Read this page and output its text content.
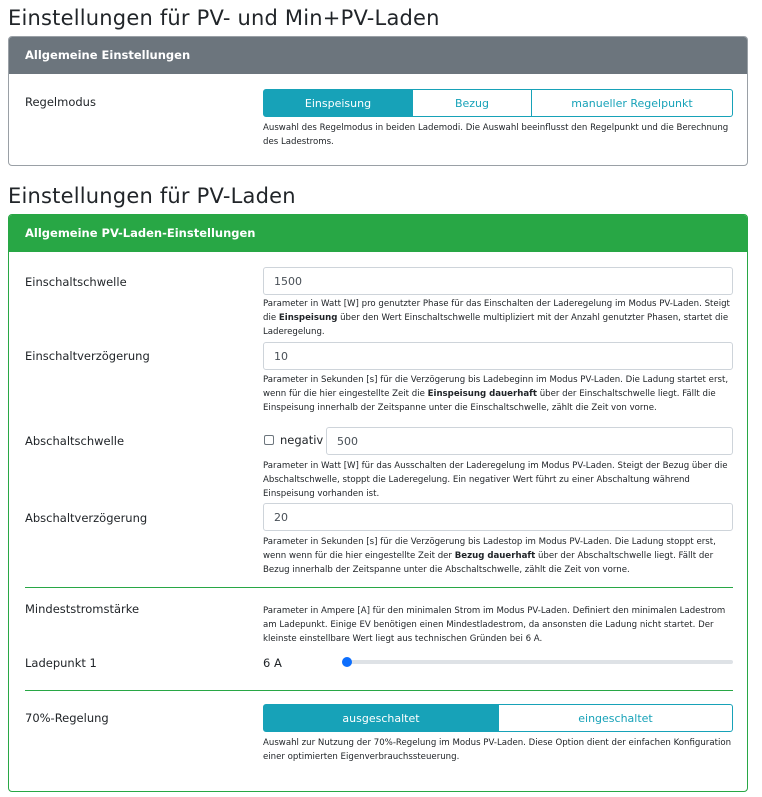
Einstellungen für PV- und Min+PV-Laden
Allgemeine Einstellungen
Regelmodus	Einspeisung	Bezug	manueller Regelpunkt
Auswahl des Regelmodus in beiden Lademodi. Die Auswahl beeinflusst den Regelpunkt und die Berechnung des Ladestroms.
Einstellungen für PV-Laden
Allgemeine PV-Laden-Einstellungen
Einschaltschwelle	1500
Parameter in Watt [W] pro genutzter Phase für das Einschalten der Laderegelung im Modus PV-Laden. Steigt die Einspeisung über den Wert Einschaltschwelle multipliziert mit der Anzahl genutzter Phasen, startet die Laderegelung.
Einschaltverzögerung	10
Parameter in Sekunden [s] für die Verzögerung bis Ladebeginn im Modus PV-Laden. Die Ladung startet erst, wenn für die hier eingestellte Zeit die Einspeisung dauerhaft über der Einschaltschwelle liegt. Fällt die Einspeisung innerhalb der Zeitspanne unter die Einschaltschwelle, zählt die Zeit von vorne.
Abschaltschwelle	negativ	500
Parameter in Watt [W] für das Ausschalten der Laderegelung im Modus PV-Laden. Steigt der Bezug über die Abschaltschwelle, stoppt die Laderegelung. Ein negativer Wert führt zu einer Abschaltung während Einspeisung vorhanden ist.
Abschaltverzögerung	20
Parameter in Sekunden [s] für die Verzögerung bis Ladestop im Modus PV-Laden. Die Ladung stoppt erst, wenn wenn für die hier eingestellte Zeit der Bezug dauerhaft über der Abschaltschwelle liegt. Fällt der Bezug innerhalb der Zeitspanne unter die Abschaltschwelle, zählt die Zeit von vorne.
Mindeststromstärke	Parameter in Ampere [A] für den minimalen Strom im Modus PV-Laden. Definiert den minimalen Ladestrom am Ladepunkt. Einige EV benötigen einen Mindestladestrom, da ansonsten die Ladung nicht startet. Der kleinste einstellbare Wert liegt aus technischen Gründen bei 6 A.
Ladepunkt 1	6 A
70%-Regelung	ausgeschaltet	eingeschaltet
Auswahl zur Nutzung der 70%-Regelung im Modus PV-Laden. Diese Option dient der einfachen Konfiguration einer optimierten Eigenverbrauchssteuerung.
